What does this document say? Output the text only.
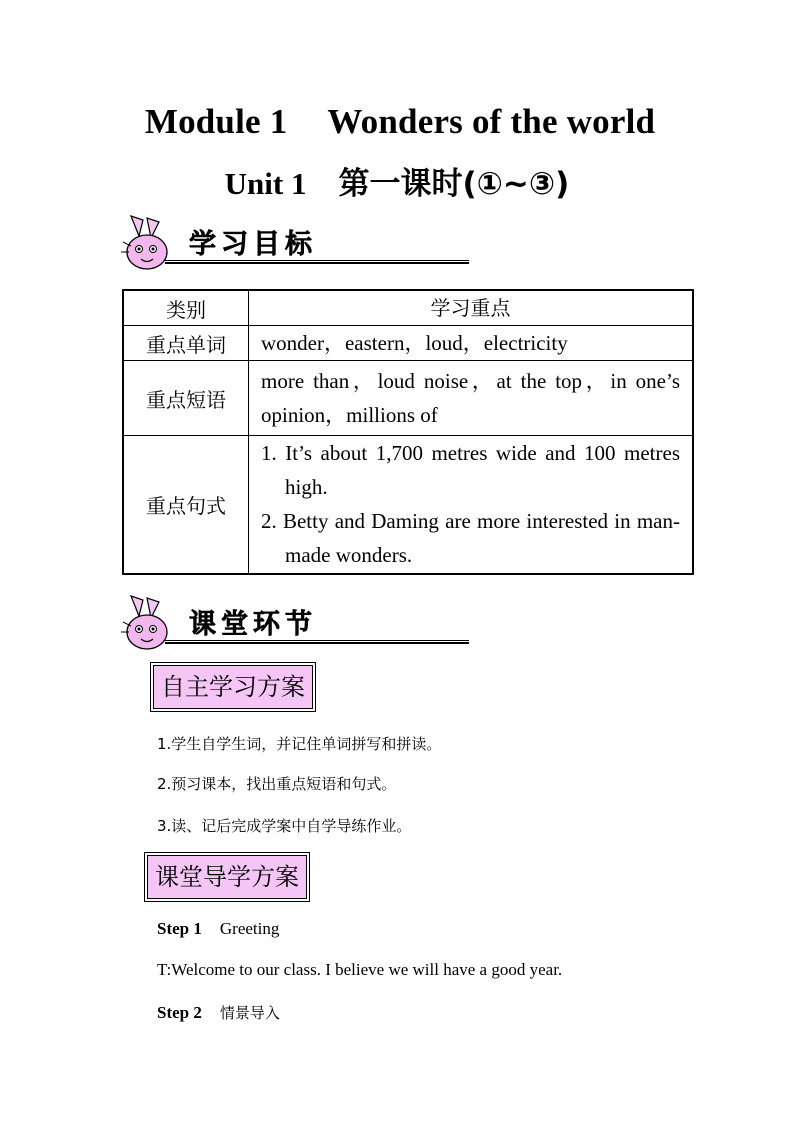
Module 1 Wonders of the world
Unit 1 第一课时(①~③)
学习目标
类别	学习重点
重点单词	wonder，eastern，loud，electricity
重点短语	more than，loud noise，at the top，in one’s opinion，millions of
重点句式	1. It’s about 1,700 metres wide and 100 metres high.
2. Betty and Daming are more interested in man-made wonders.
课堂环节
自主学习方案
1.学生自学生词，并记住单词拼写和拼读。
2.预习课本，找出重点短语和句式。
3.读、记后完成学案中自学导练作业。
课堂导学方案
Step 1 Greeting
T:Welcome to our class. I believe we will have a good year.
Step 2 情景导入
